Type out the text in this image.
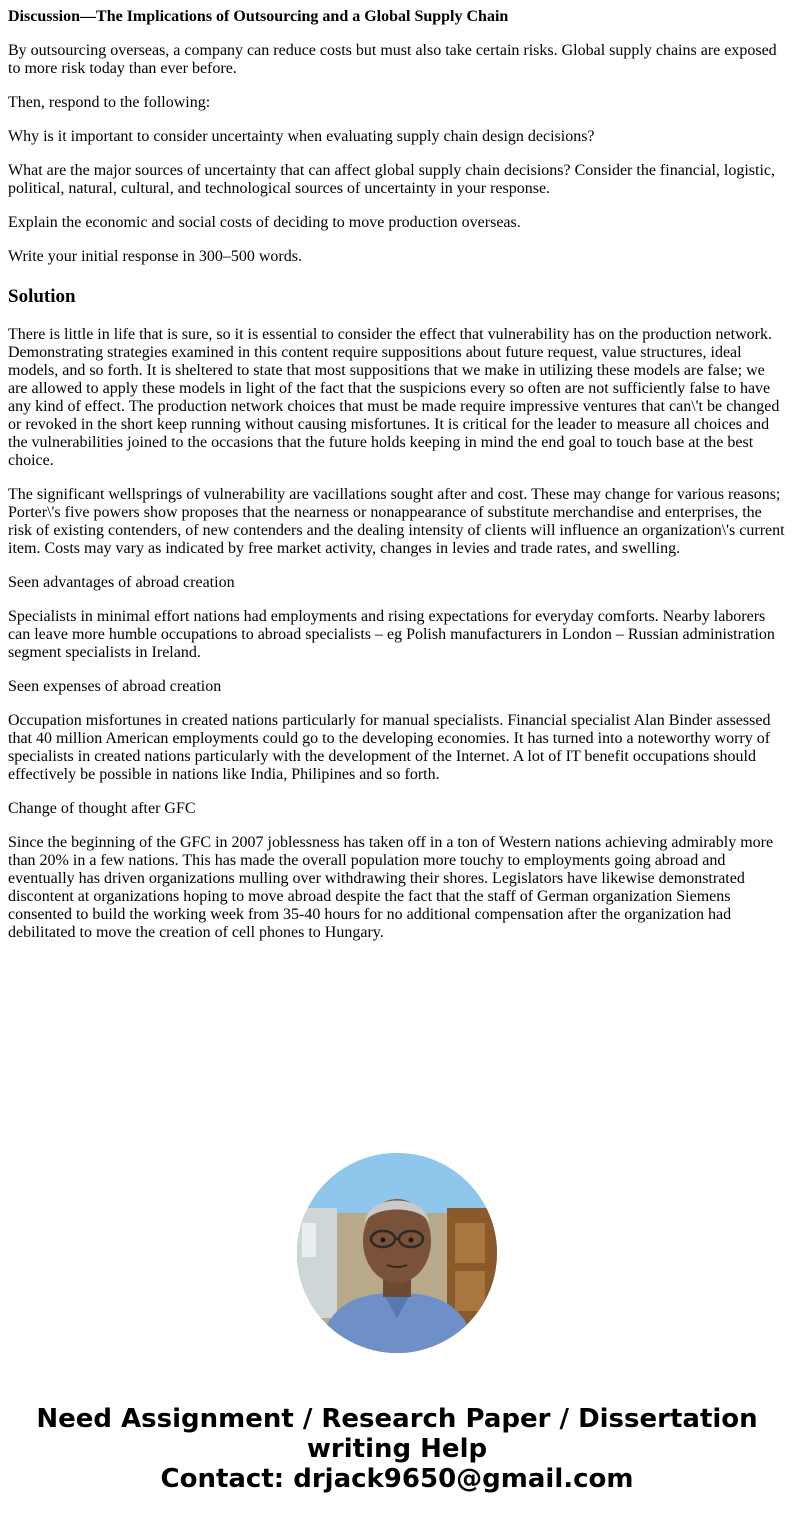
Discussion—The Implications of Outsourcing and a Global Supply Chain

By outsourcing overseas, a company can reduce costs but must also take certain risks. Global supply chains are exposed to more risk today than ever before.

Then, respond to the following:

Why is it important to consider uncertainty when evaluating supply chain design decisions?

What are the major sources of uncertainty that can affect global supply chain decisions? Consider the financial, logistic, political, natural, cultural, and technological sources of uncertainty in your response.

Explain the economic and social costs of deciding to move production overseas.

Write your initial response in 300–500 words.

Solution

There is little in life that is sure, so it is essential to consider the effect that vulnerability has on the production network. Demonstrating strategies examined in this content require suppositions about future request, value structures, ideal models, and so forth. It is sheltered to state that most suppositions that we make in utilizing these models are false; we are allowed to apply these models in light of the fact that the suspicions every so often are not sufficiently false to have any kind of effect. The production network choices that must be made require impressive ventures that can\'t be changed or revoked in the short keep running without causing misfortunes. It is critical for the leader to measure all choices and the vulnerabilities joined to the occasions that the future holds keeping in mind the end goal to touch base at the best choice.

The significant wellsprings of vulnerability are vacillations sought after and cost. These may change for various reasons; Porter\'s five powers show proposes that the nearness or nonappearance of substitute merchandise and enterprises, the risk of existing contenders, of new contenders and the dealing intensity of clients will influence an organization\'s current item. Costs may vary as indicated by free market activity, changes in levies and trade rates, and swelling.

Seen advantages of abroad creation

Specialists in minimal effort nations had employments and rising expectations for everyday comforts. Nearby laborers can leave more humble occupations to abroad specialists – eg Polish manufacturers in London – Russian administration segment specialists in Ireland.

Seen expenses of abroad creation

Occupation misfortunes in created nations particularly for manual specialists. Financial specialist Alan Binder assessed that 40 million American employments could go to the developing economies. It has turned into a noteworthy worry of specialists in created nations particularly with the development of the Internet. A lot of IT benefit occupations should effectively be possible in nations like India, Philipines and so forth.

Change of thought after GFC

Since the beginning of the GFC in 2007 joblessness has taken off in a ton of Western nations achieving admirably more than 20% in a few nations. This has made the overall population more touchy to employments going abroad and eventually has driven organizations mulling over withdrawing their shores. Legislators have likewise demonstrated discontent at organizations hoping to move abroad despite the fact that the staff of German organization Siemens consented to build the working week from 35-40 hours for no additional compensation after the organization had debilitated to move the creation of cell phones to Hungary.

Need Assignment / Research Paper / Dissertation
writing Help
Contact: drjack9650@gmail.com
